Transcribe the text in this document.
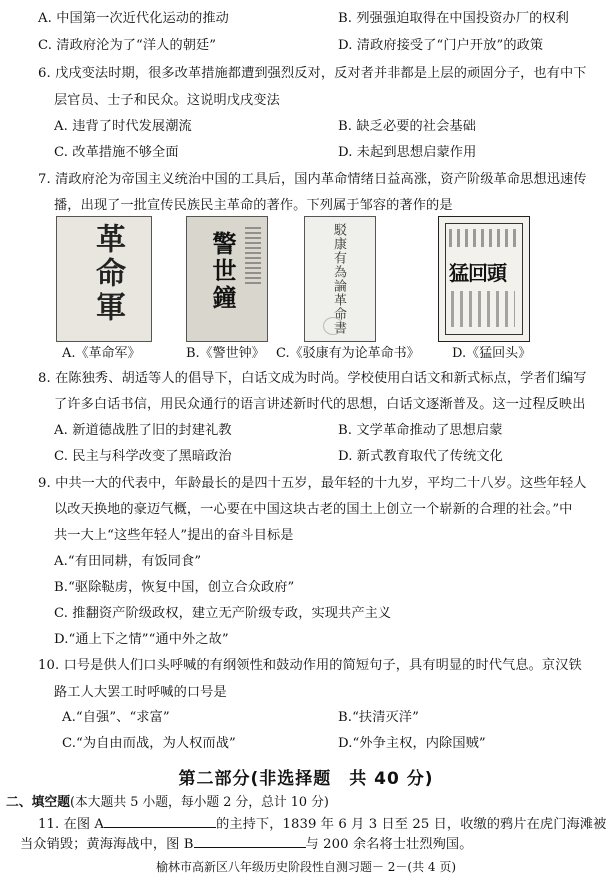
A. 中国第一次近代化运动的推动	B. 列强强迫取得在中国投资办厂的权利
C. 清政府沦为了“洋人的朝廷”	D. 清政府接受了“门户开放”的政策
6. 戊戌变法时期，很多改革措施都遭到强烈反对，反对者并非都是上层的顽固分子，也有中下
层官员、士子和民众。这说明戊戌变法
A. 违背了时代发展潮流	B. 缺乏必要的社会基础
C. 改革措施不够全面	D. 未起到思想启蒙作用
7. 清政府沦为帝国主义统治中国的工具后，国内革命情绪日益高涨，资产阶级革命思想迅速传
播，出现了一批宣传民族民主革命的著作。下列属于邹容的著作的是
革命軍	警世鐘	駁康有為論革命書	猛回頭
A.《革命军》	B.《警世钟》 C.《驳康有为论革命书》 D.《猛回头》
8. 在陈独秀、胡适等人的倡导下，白话文成为时尚。学校使用白话文和新式标点，学者们编写
了许多白话书信，用民众通行的语言讲述新时代的思想，白话文逐渐普及。这一过程反映出
A. 新道德战胜了旧的封建礼教	B. 文学革命推动了思想启蒙
C. 民主与科学改变了黑暗政治	D. 新式教育取代了传统文化
9. 中共一大的代表中，年龄最长的是四十五岁，最年轻的十九岁，平均二十八岁。这些年轻人
以改天换地的豪迈气概，一心要在中国这块古老的国土上创立一个崭新的合理的社会。”中
共一大上“这些年轻人”提出的奋斗目标是
A.“有田同耕，有饭同食”
B.“驱除鞑虏，恢复中国，创立合众政府”
C. 推翻资产阶级政权，建立无产阶级专政，实现共产主义
D.“通上下之情”“通中外之故”
10. 口号是供人们口头呼喊的有纲领性和鼓动作用的简短句子，具有明显的时代气息。京汉铁
路工人大罢工时呼喊的口号是
A.“自强”、“求富”	B.“扶清灭洋”
C.“为自由而战，为人权而战”	D.“外争主权，内除国贼”
第二部分(非选择题　共 40 分)
二、填空题(本大题共 5 小题，每小题 2 分，总计 10 分)
11. 在图 A	的主持下，1839 年 6 月 3 日至 25 日，收缴的鸦片在虎门海滩被
当众销毁；黄海海战中，图 B	与 200 余名将士壮烈殉国。
榆林市高新区八年级历史阶段性自测习题－ 2－(共 4 页)
